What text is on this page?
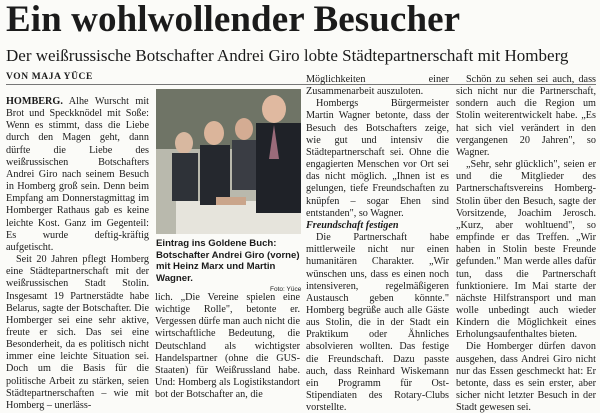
Ein wohlwollender Besucher
Der weißrussische Botschafter Andrei Giro lobte Städtepartnerschaft mit Homberg
VON MAJA YÜCE

HOMBERG. Alhe Wurscht mit Brot und Speckknödel mit Soße: Wenn es stimmt, dass die Liebe durch den Magen geht, dann dürfte die Liebe des weißrussischen Botschafters Andrei Giro nach seinem Besuch in Homberg groß sein. Denn beim Empfang am Donnerstagmittag im Homberger Rathaus gab es keine leichte Kost. Ganz im Gegenteil: Es wurde deftig-kräftig aufgetischt.

Seit 20 Jahren pflegt Homberg eine Städtepartnerschaft mit der weißrussischen Stadt Stolin. Insgesamt 19 Partnerstädte habe Belarus, sagte der Botschafter. Die Homberger sei eine sehr aktive, freute er sich. Das sei eine Besonderheit, da es politisch nicht immer eine leichte Situation sei. Doch um die Basis für die politische Arbeit zu stärken, seien Städtepartnerschaften – wie mit Homberg – unerläss-

Eintrag ins Goldene Buch: Botschafter Andrei Giro (vorne) mit Heinz Marx und Martin Wagner.
Foto: Yüce

lich. „Die Vereine spielen eine wichtige Rolle", betonte er. Vergessen dürfe man auch nicht die wirtschaftliche Bedeutung, die Deutschland als wichtigster Handelspartner (ohne die GUS-Staaten) für Weißrussland habe. Und: Homberg als Logistikstandort bot der Botschafter an, die

Möglichkeiten einer Zusammenarbeit auszuloten.

Hombergs Bürgermeister Martin Wagner betonte, dass der Besuch des Botschafters zeige, wie gut und intensiv die Städtepartnerschaft sei. Ohne die engagierten Menschen vor Ort sei das nicht möglich. „Ihnen ist es gelungen, tiefe Freundschaften zu knüpfen – sogar Ehen sind entstanden", so Wagner.

Freundschaft festigen

Die Partnerschaft habe mittlerweile nicht nur einen humanitären Charakter. „Wir wünschen uns, dass es einen noch intensiveren, regelmäßigeren Austausch geben könnte." Homberg begrüße auch alle Gäste aus Stolin, die in der Stadt ein Praktikum oder Ähnliches absolvieren wollten. Das festige die Freundschaft. Dazu passte auch, dass Reinhard Wiskemann ein Programm für Ost-Stipendiaten des Rotary-Clubs vorstellte.

Schön zu sehen sei auch, dass sich nicht nur die Partnerschaft, sondern auch die Region um Stolin weiterentwickelt habe. „Es hat sich viel verändert in den vergangenen 20 Jahren", so Wagner.

„Sehr, sehr glücklich", seien er und die Mitglieder des Partnerschaftsvereins Homberg-Stolin über den Besuch, sagte der Vorsitzende, Joachim Jerosch. „Kurz, aber wohltuend", so empfinde er das Treffen. „Wir haben in Stolin beste Freunde gefunden." Man werde alles dafür tun, dass die Partnerschaft funktioniere. Im Mai starte der nächste Hilfstransport und man wolle unbedingt auch wieder Kindern die Möglichkeit eines Erholungsaufenthaltes bieten.

Die Homberger dürfen davon ausgehen, dass Andrei Giro nicht nur das Essen geschmeckt hat: Er betonte, dass es sein erster, aber sicher nicht letzter Besuch in der Stadt gewesen sei.
